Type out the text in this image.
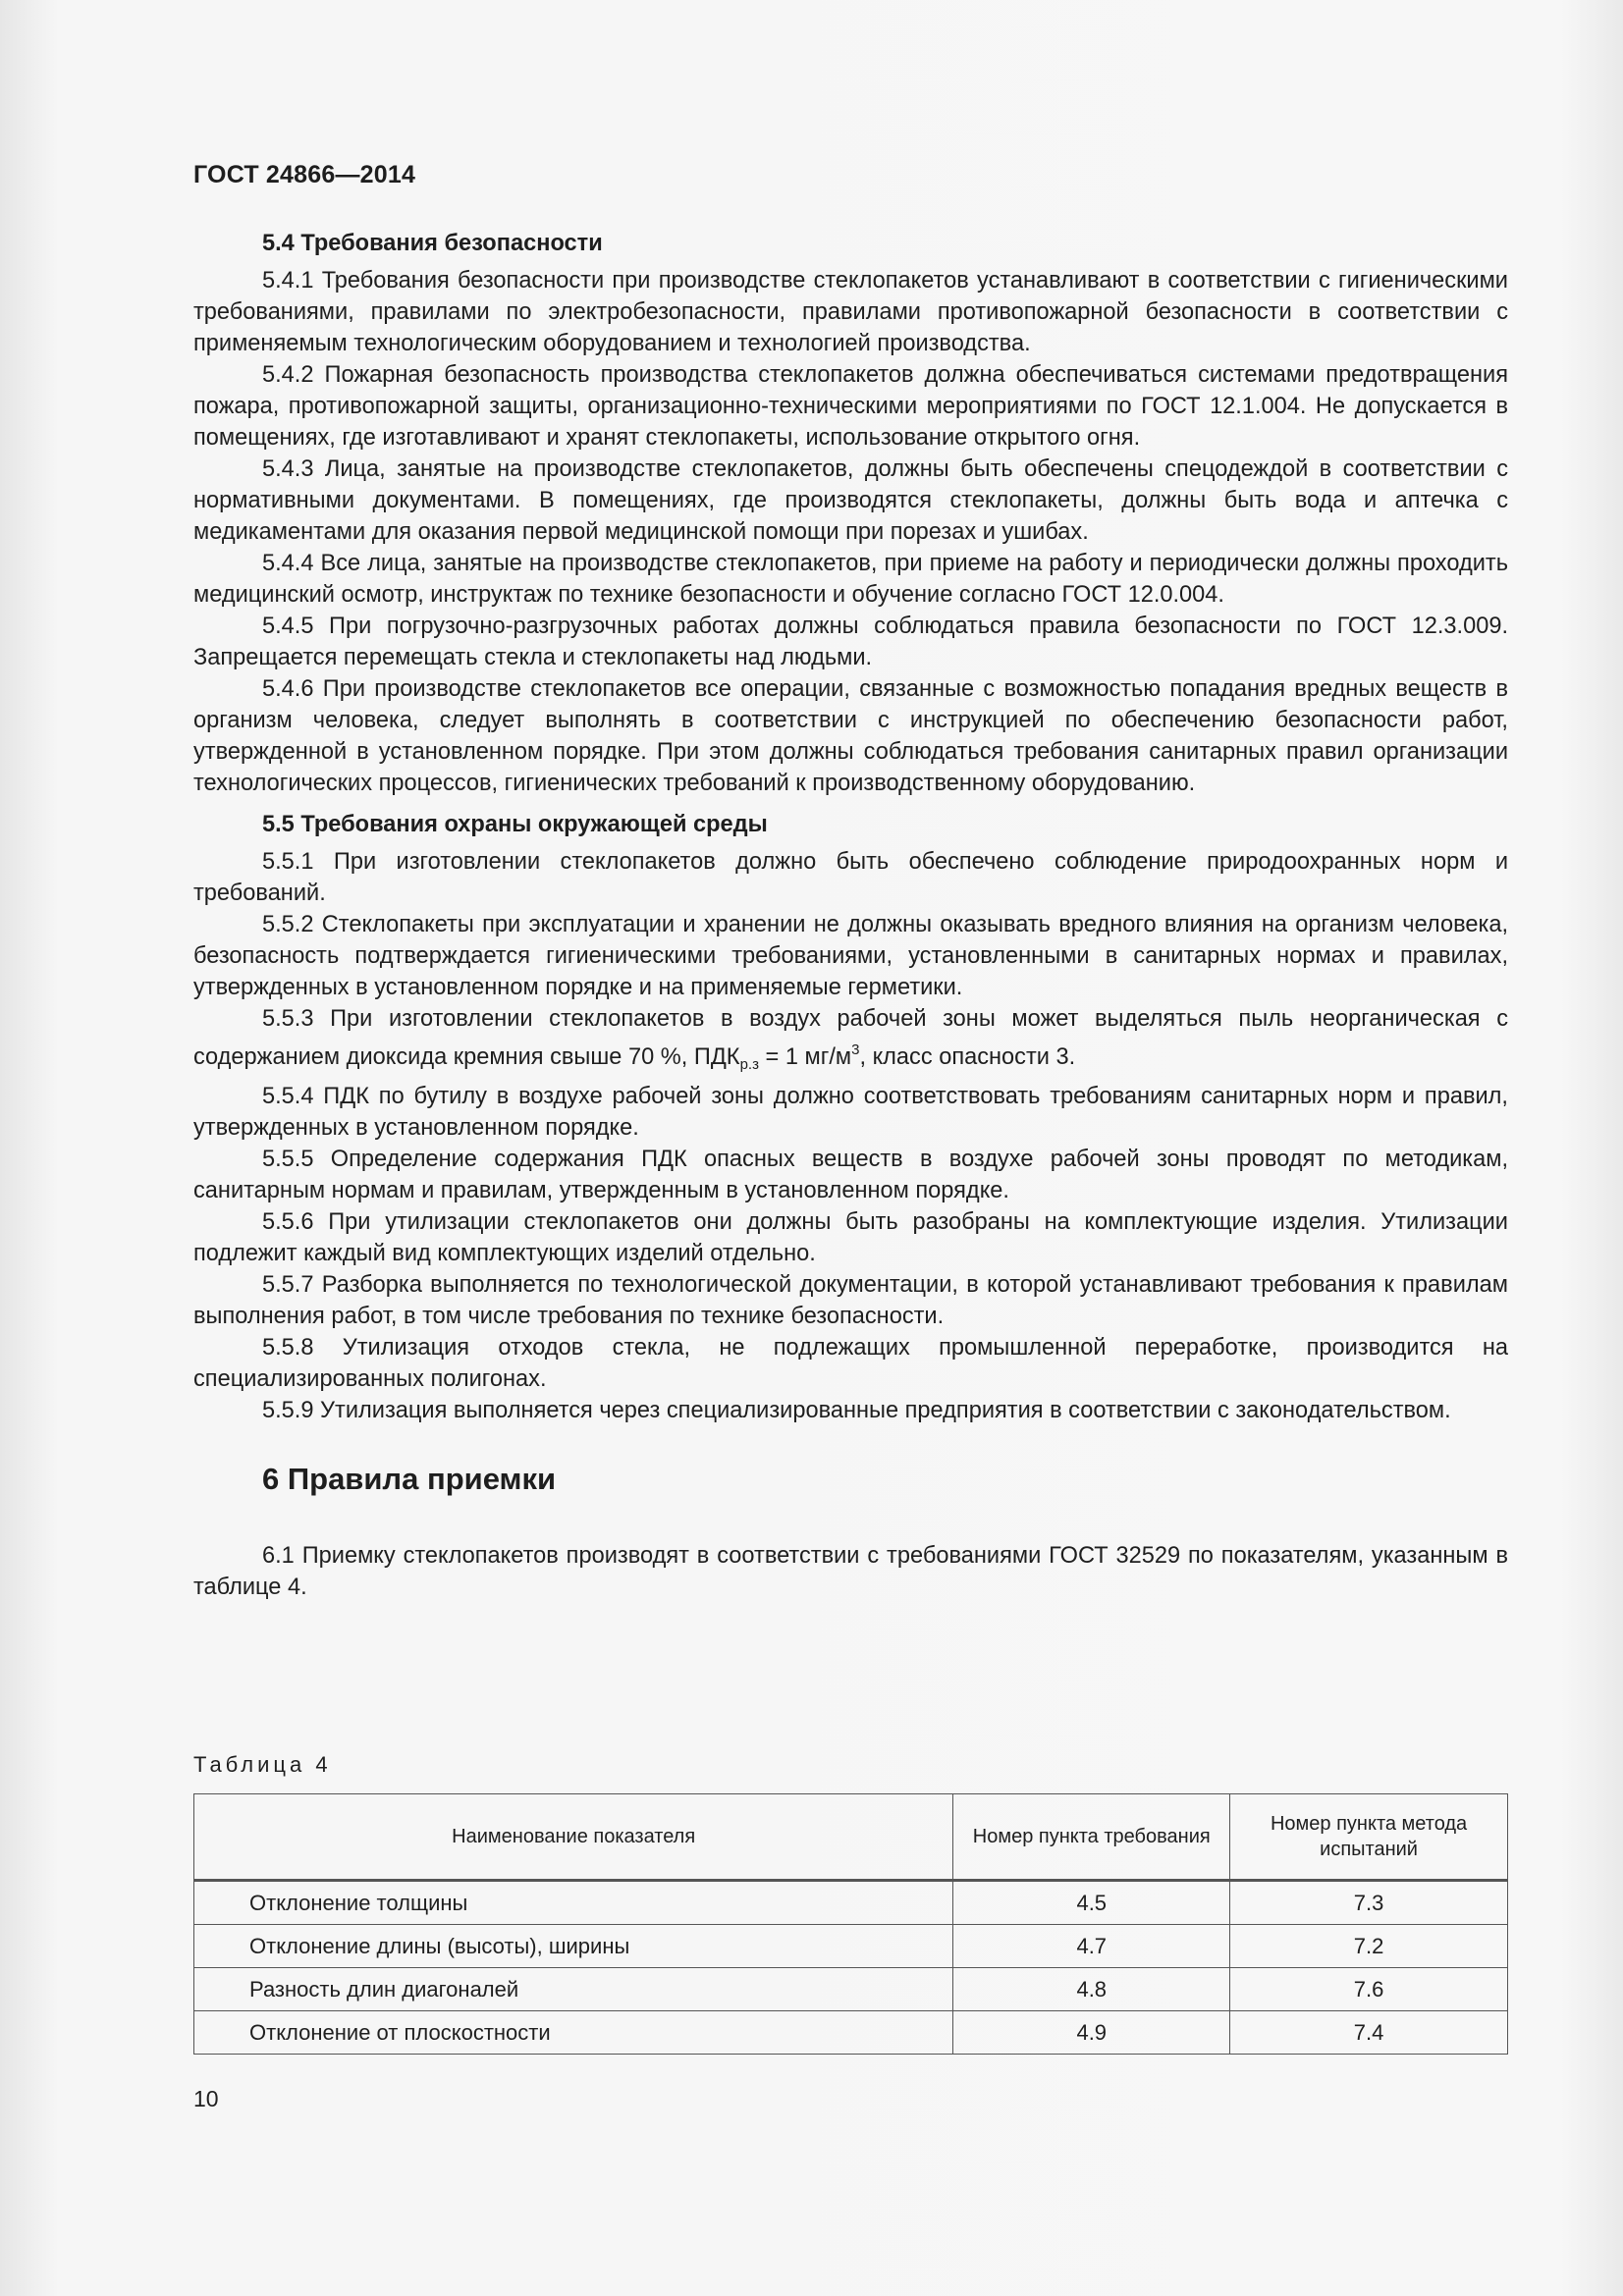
ГОСТ 24866—2014
5.4 Требования безопасности

5.4.1 Требования безопасности при производстве стеклопакетов устанавливают в соответствии с гигиеническими требованиями, правилами по электробезопасности, правилами противопожарной безопасности в соответствии с применяемым технологическим оборудованием и технологией производства.

5.4.2 Пожарная безопасность производства стеклопакетов должна обеспечиваться системами предотвращения пожара, противопожарной защиты, организационно-техническими мероприятиями по ГОСТ 12.1.004. Не допускается в помещениях, где изготавливают и хранят стеклопакеты, использование открытого огня.

5.4.3 Лица, занятые на производстве стеклопакетов, должны быть обеспечены спецодеждой в соответствии с нормативными документами. В помещениях, где производятся стеклопакеты, должны быть вода и аптечка с медикаментами для оказания первой медицинской помощи при порезах и ушибах.

5.4.4 Все лица, занятые на производстве стеклопакетов, при приеме на работу и периодически должны проходить медицинский осмотр, инструктаж по технике безопасности и обучение согласно ГОСТ 12.0.004.

5.4.5 При погрузочно-разгрузочных работах должны соблюдаться правила безопасности по ГОСТ 12.3.009. Запрещается перемещать стекла и стеклопакеты над людьми.

5.4.6 При производстве стеклопакетов все операции, связанные с возможностью попадания вредных веществ в организм человека, следует выполнять в соответствии с инструкцией по обеспечению безопасности работ, утвержденной в установленном порядке. При этом должны соблюдаться требования санитарных правил организации технологических процессов, гигиенических требований к производственному оборудованию.

5.5 Требования охраны окружающей среды

5.5.1 При изготовлении стеклопакетов должно быть обеспечено соблюдение природоохранных норм и требований.

5.5.2 Стеклопакеты при эксплуатации и хранении не должны оказывать вредного влияния на организм человека, безопасность подтверждается гигиеническими требованиями, установленными в санитарных нормах и правилах, утвержденных в установленном порядке и на применяемые герметики.

5.5.3 При изготовлении стеклопакетов в воздух рабочей зоны может выделяться пыль неорганическая с содержанием диоксида кремния свыше 70 %, $ПДК_{р.з} = 1$ $мг/м^3$, класс опасности 3.

5.5.4 ПДК по бутилу в воздухе рабочей зоны должно соответствовать требованиям санитарных норм и правил, утвержденных в установленном порядке.

5.5.5 Определение содержания ПДК опасных веществ в воздухе рабочей зоны проводят по методикам, санитарным нормам и правилам, утвержденным в установленном порядке.

5.5.6 При утилизации стеклопакетов они должны быть разобраны на комплектующие изделия. Утилизации подлежит каждый вид комплектующих изделий отдельно.

5.5.7 Разборка выполняется по технологической документации, в которой устанавливают требования к правилам выполнения работ, в том числе требования по технике безопасности.

5.5.8 Утилизация отходов стекла, не подлежащих промышленной переработке, производится на специализированных полигонах.

5.5.9 Утилизация выполняется через специализированные предприятия в соответствии с законодательством.

6 Правила приемки

6.1 Приемку стеклопакетов производят в соответствии с требованиями ГОСТ 32529 по показателям, указанным в таблице 4.

Таблица 4
Наименование показателя	Номер пункта требования	Номер пункта метода испытаний
Отклонение толщины	4.5	7.3
Отклонение длины (высоты), ширины	4.7	7.2
Разность длин диагоналей	4.8	7.6
Отклонение от плоскостности	4.9	7.4
10
